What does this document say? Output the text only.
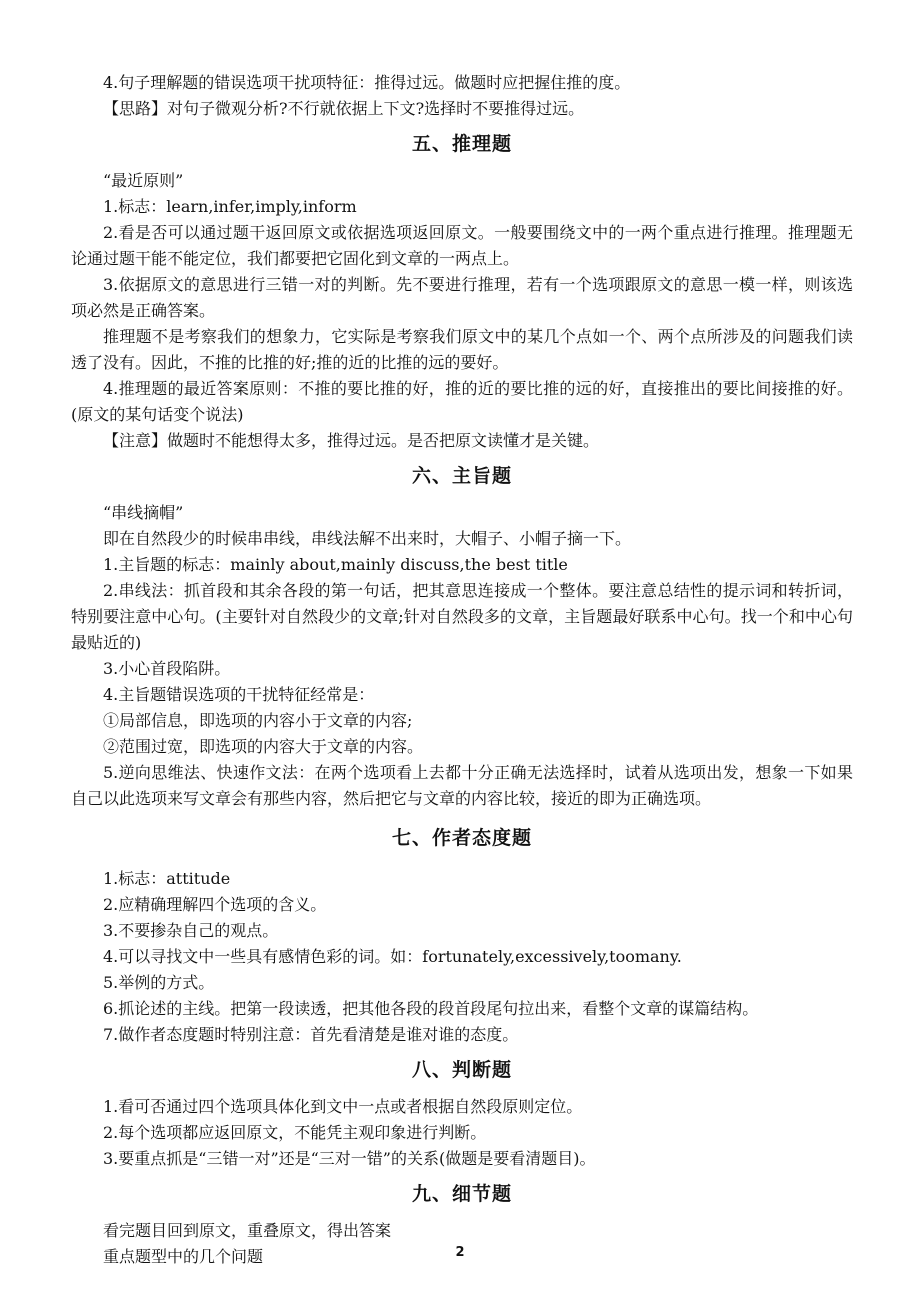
4.句子理解题的错误选项干扰项特征：推得过远。做题时应把握住推的度。

【思路】对句子微观分析?不行就依据上下文?选择时不要推得过远。

五、推理题

“最近原则”

1.标志：learn,infer,imply,inform

2.看是否可以通过题干返回原文或依据选项返回原文。一般要围绕文中的一两个重点进行推理。推理题无论通过题干能不能定位，我们都要把它固化到文章的一两点上。

3.依据原文的意思进行三错一对的判断。先不要进行推理，若有一个选项跟原文的意思一模一样，则该选项必然是正确答案。

推理题不是考察我们的想象力，它实际是考察我们原文中的某几个点如一个、两个点所涉及的问题我们读透了没有。因此，不推的比推的好;推的近的比推的远的要好。

4.推理题的最近答案原则：不推的要比推的好，推的近的要比推的远的好，直接推出的要比间接推的好。(原文的某句话变个说法)

【注意】做题时不能想得太多，推得过远。是否把原文读懂才是关键。

六、主旨题

“串线摘帽”

即在自然段少的时候串串线，串线法解不出来时，大帽子、小帽子摘一下。

1.主旨题的标志：mainly about,mainly discuss,the best title

2.串线法：抓首段和其余各段的第一句话，把其意思连接成一个整体。要注意总结性的提示词和转折词，特别要注意中心句。(主要针对自然段少的文章;针对自然段多的文章，主旨题最好联系中心句。找一个和中心句最贴近的)

3.小心首段陷阱。

4.主旨题错误选项的干扰特征经常是：

①局部信息，即选项的内容小于文章的内容;

②范围过宽，即选项的内容大于文章的内容。

5.逆向思维法、快速作文法：在两个选项看上去都十分正确无法选择时，试着从选项出发，想象一下如果自己以此选项来写文章会有那些内容，然后把它与文章的内容比较，接近的即为正确选项。

七、作者态度题

1.标志：attitude

2.应精确理解四个选项的含义。

3.不要掺杂自己的观点。

4.可以寻找文中一些具有感情色彩的词。如：fortunately,excessively,toomany.

5.举例的方式。

6.抓论述的主线。把第一段读透，把其他各段的段首段尾句拉出来，看整个文章的谋篇结构。

7.做作者态度题时特别注意：首先看清楚是谁对谁的态度。

八、判断题

1.看可否通过四个选项具体化到文中一点或者根据自然段原则定位。

2.每个选项都应返回原文，不能凭主观印象进行判断。

3.要重点抓是“三错一对”还是“三对一错”的关系(做题是要看清题目)。

九、细节题

看完题目回到原文，重叠原文，得出答案

重点题型中的几个问题	2
